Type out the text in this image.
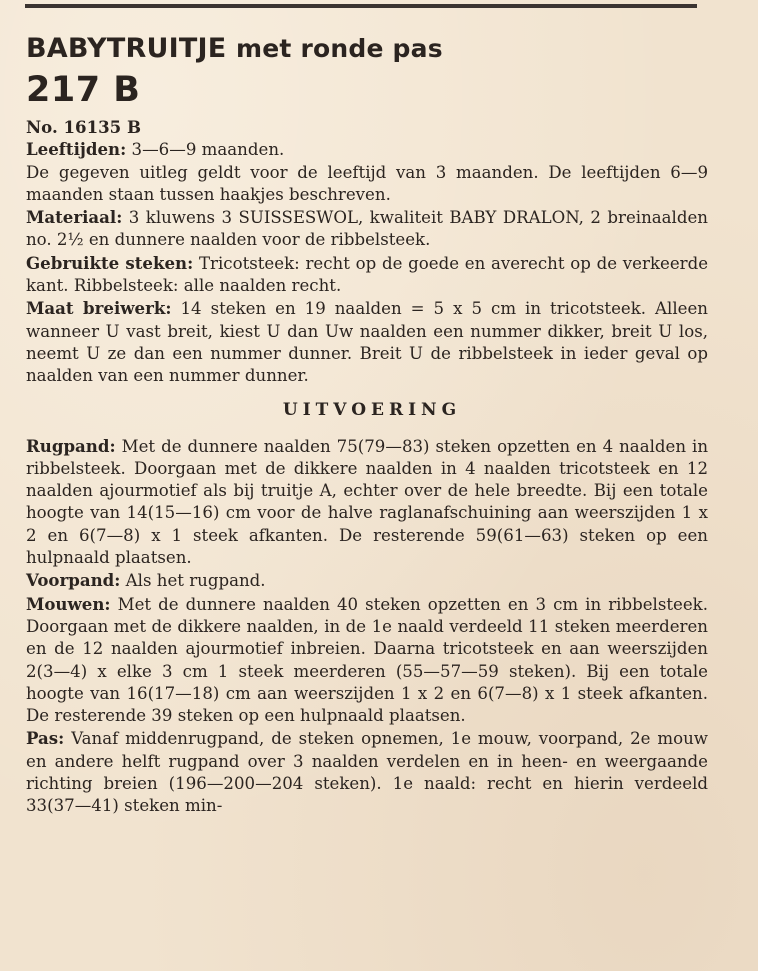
BABYTRUITJE met ronde pas
217 B

No. 16135 B
Leeftijden: 3—6—9 maanden.
De gegeven uitleg geldt voor de leeftijd van 3 maanden. De leeftijden 6—9 maanden staan tussen haakjes beschreven.
Materiaal: 3 kluwens 3 SUISSESWOL, kwaliteit BABY DRALON, 2 breinaalden no. 2½ en dunnere naalden voor de ribbelsteek.
Gebruikte steken: Tricotsteek: recht op de goede en averecht op de verkeerde kant. Ribbelsteek: alle naalden recht.
Maat breiwerk: 14 steken en 19 naalden = 5 x 5 cm in tricotsteek. Alleen wanneer U vast breit, kiest U dan Uw naalden een nummer dikker, breit U los, neemt U ze dan een nummer dunner. Breit U de ribbelsteek in ieder geval op naalden van een nummer dunner.

UITVOERING

Rugpand: Met de dunnere naalden 75(79—83) steken opzetten en 4 naalden in ribbelsteek. Doorgaan met de dikkere naalden in 4 naalden tricotsteek en 12 naalden ajourmotief als bij truitje A, echter over de hele breedte. Bij een totale hoogte van 14(15—16) cm voor de halve raglanafschuining aan weerszijden 1 x 2 en 6(7—8) x 1 steek afkanten. De resterende 59(61—63) steken op een hulpnaald plaatsen.
Voorpand: Als het rugpand.
Mouwen: Met de dunnere naalden 40 steken opzetten en 3 cm in ribbelsteek. Doorgaan met de dikkere naalden, in de 1e naald verdeeld 11 steken meerderen en de 12 naalden ajourmotief inbreien. Daarna tricotsteek en aan weerszijden 2(3—4) x elke 3 cm 1 steek meerderen (55—57—59 steken). Bij een totale hoogte van 16(17—18) cm aan weerszijden 1 x 2 en 6(7—8) x 1 steek afkanten. De resterende 39 steken op een hulpnaald plaatsen.
Pas: Vanaf middenrugpand, de steken opnemen, 1e mouw, voorpand, 2e mouw en andere helft rugpand over 3 naalden verdelen en in heen- en weergaande richting breien (196—200—204 steken). 1e naald: recht en hierin verdeeld 33(37—41) steken min-
